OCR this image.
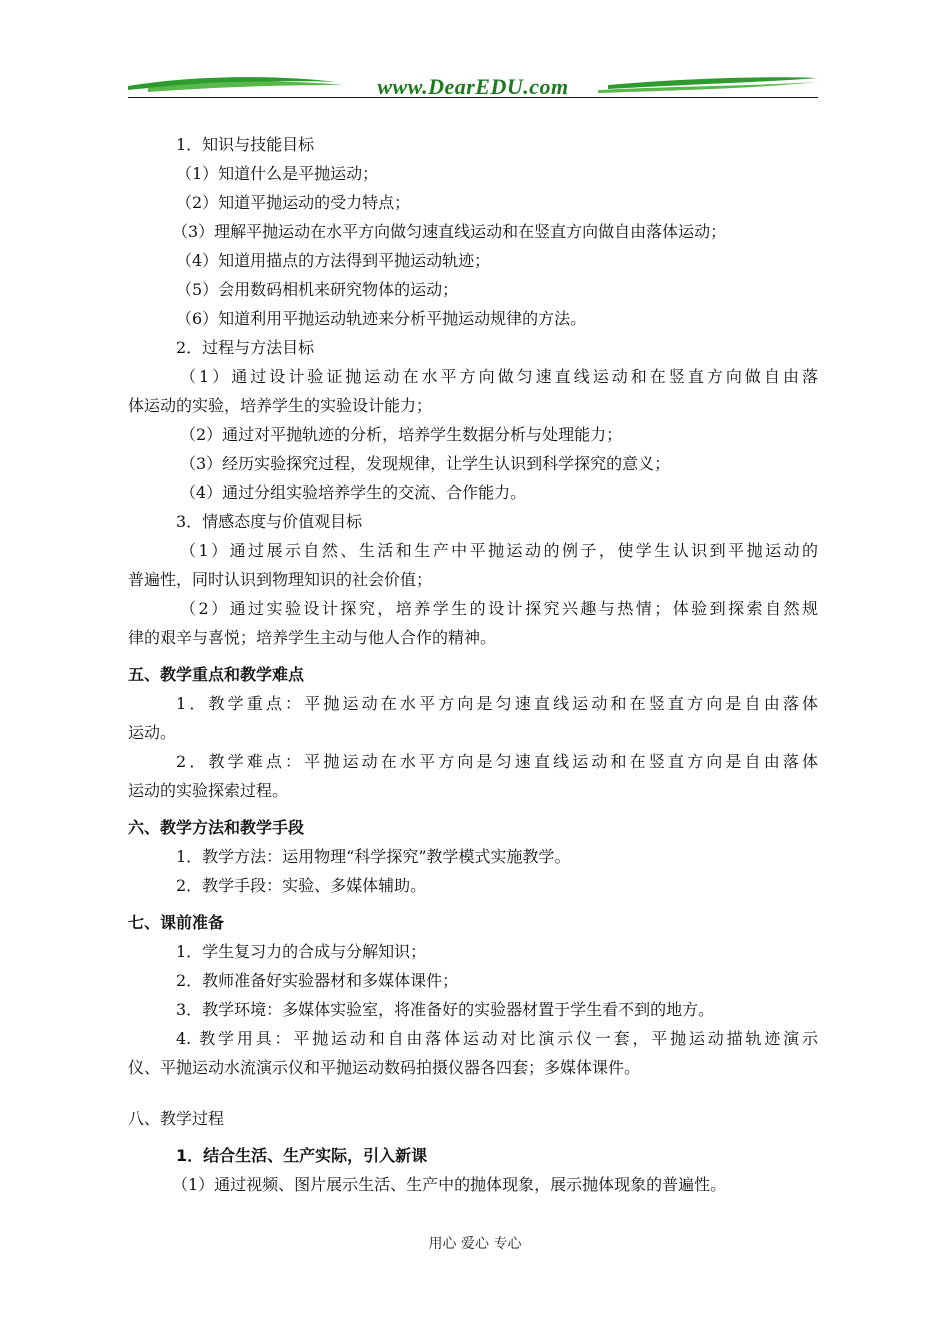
www.DearEDU.com
1．知识与技能目标
（1）知道什么是平抛运动；
（2）知道平抛运动的受力特点；
（3）理解平抛运动在水平方向做匀速直线运动和在竖直方向做自由落体运动；
（4）知道用描点的方法得到平抛运动轨迹；
（5）会用数码相机来研究物体的运动；
（6）知道利用平抛运动轨迹来分析平抛运动规律的方法。
2．过程与方法目标
（1）通过设计验证抛运动在水平方向做匀速直线运动和在竖直方向做自由落
体运动的实验，培养学生的实验设计能力；
（2）通过对平抛轨迹的分析，培养学生数据分析与处理能力；
（3）经历实验探究过程，发现规律，让学生认识到科学探究的意义；
（4）通过分组实验培养学生的交流、合作能力。
3．情感态度与价值观目标
（1）通过展示自然、生活和生产中平抛运动的例子，使学生认识到平抛运动的
普遍性，同时认识到物理知识的社会价值；
（2）通过实验设计探究，培养学生的设计探究兴趣与热情；体验到探索自然规
律的艰辛与喜悦；培养学生主动与他人合作的精神。
五、教学重点和教学难点
1．教学重点：平抛运动在水平方向是匀速直线运动和在竖直方向是自由落体
运动。
2．教学难点：平抛运动在水平方向是匀速直线运动和在竖直方向是自由落体
运动的实验探索过程。
六、教学方法和教学手段
1．教学方法：运用物理“科学探究”教学模式实施教学。
2．教学手段：实验、多媒体辅助。
七、课前准备
1．学生复习力的合成与分解知识；
2．教师准备好实验器材和多媒体课件；
3．教学环境：多媒体实验室，将准备好的实验器材置于学生看不到的地方。
4. 教学用具：平抛运动和自由落体运动对比演示仪一套，平抛运动描轨迹演示
仪、平抛运动水流演示仪和平抛运动数码拍摄仪器各四套；多媒体课件。
八、教学过程
1．结合生活、生产实际，引入新课
（1）通过视频、图片展示生活、生产中的抛体现象，展示抛体现象的普遍性。
用心 爱心 专心
